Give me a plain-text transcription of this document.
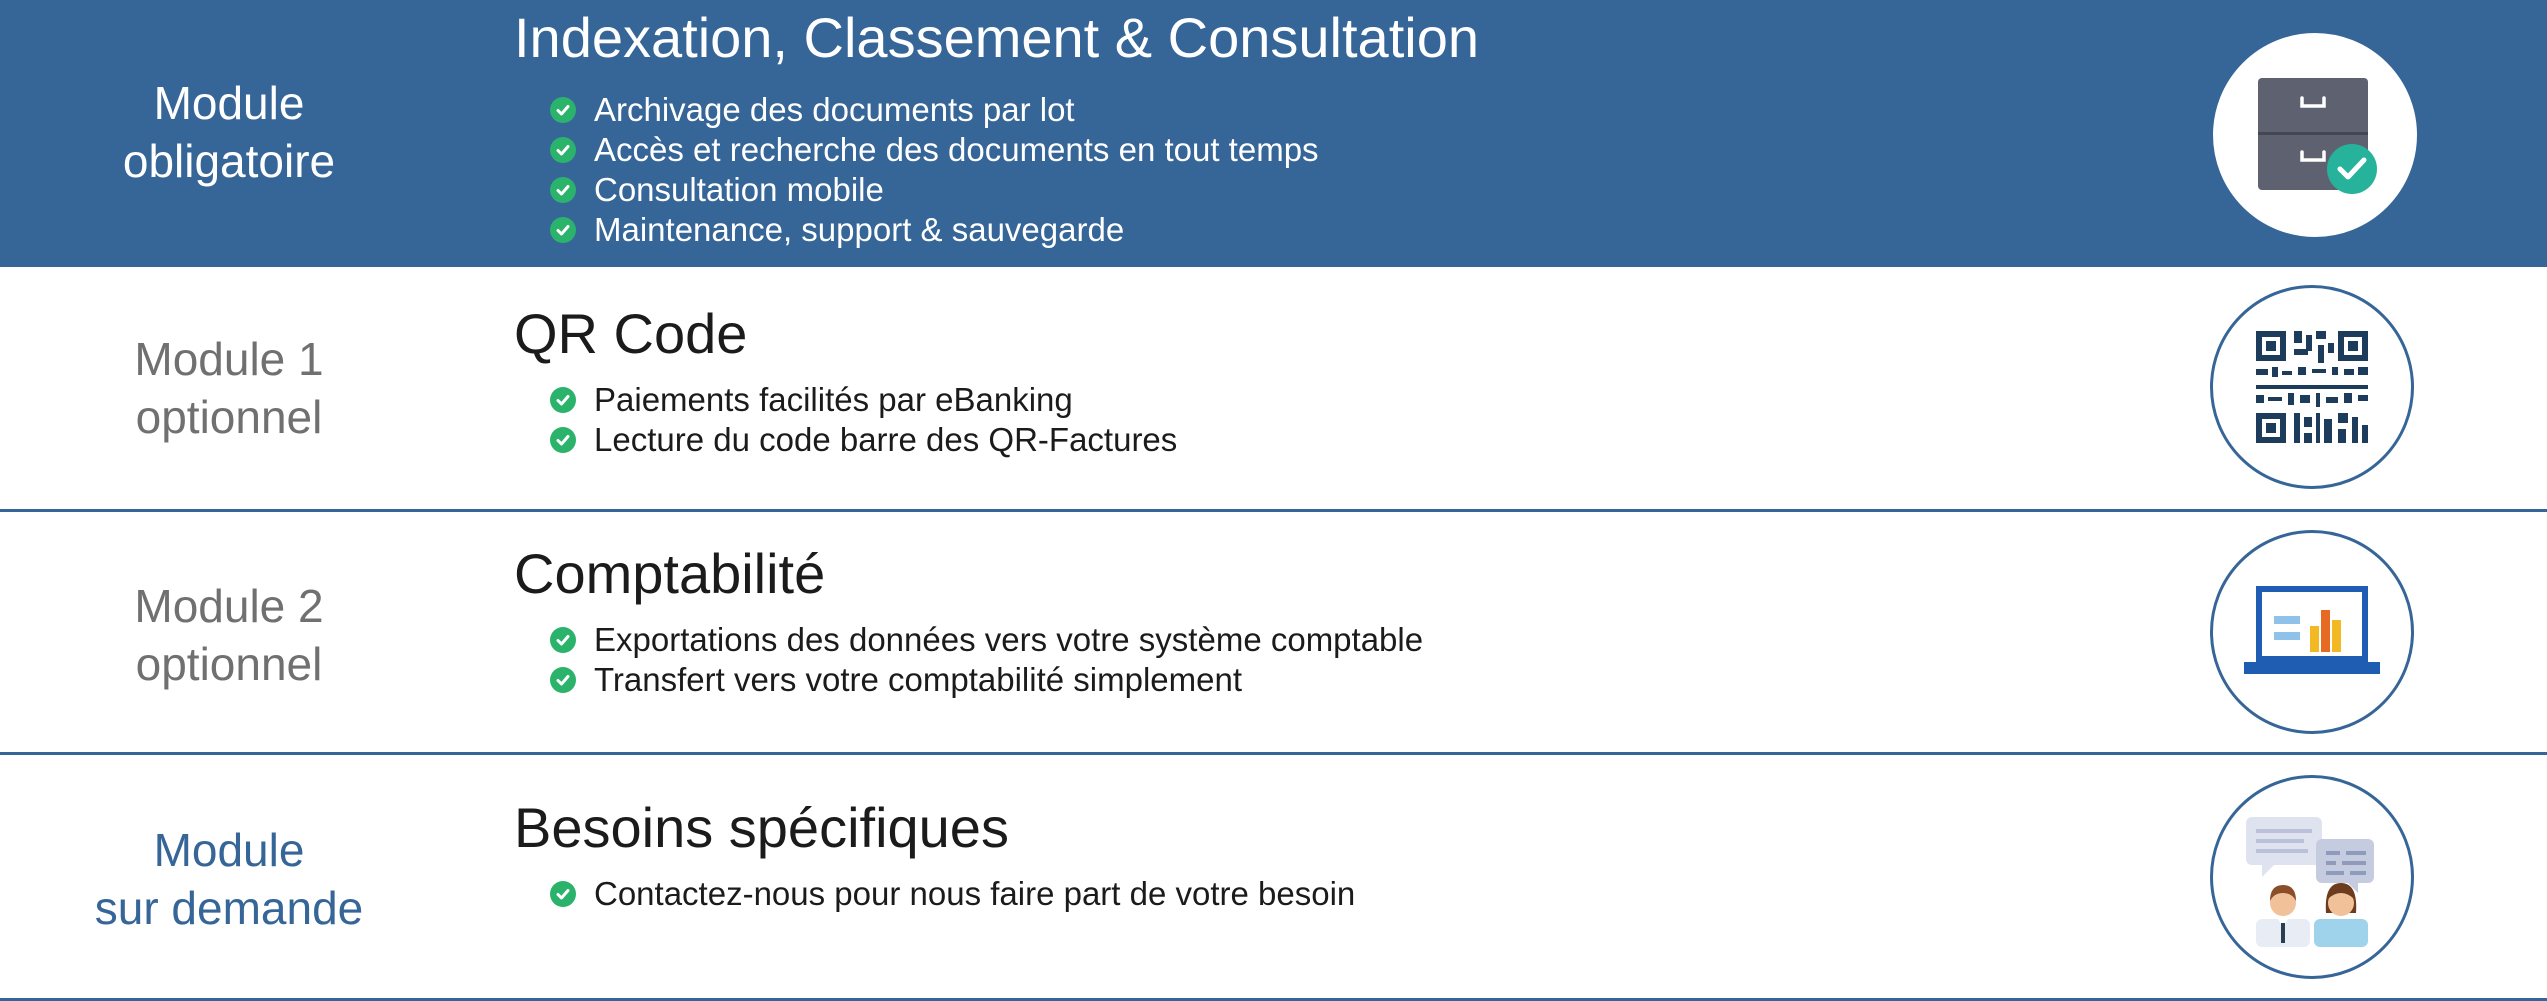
Module
obligatoire
Indexation, Classement & Consultation
Archivage des documents par lot
Accès et recherche des documents en tout temps
Consultation mobile
Maintenance, support & sauvegarde
Module 1
optionnel
QR Code
Paiements facilités par eBanking
Lecture du code barre des QR-Factures
Module 2
optionnel
Comptabilité
Exportations des données vers votre système comptable
Transfert vers votre comptabilité simplement
Module
sur demande
Besoins spécifiques
Contactez-nous pour nous faire part de votre besoin
